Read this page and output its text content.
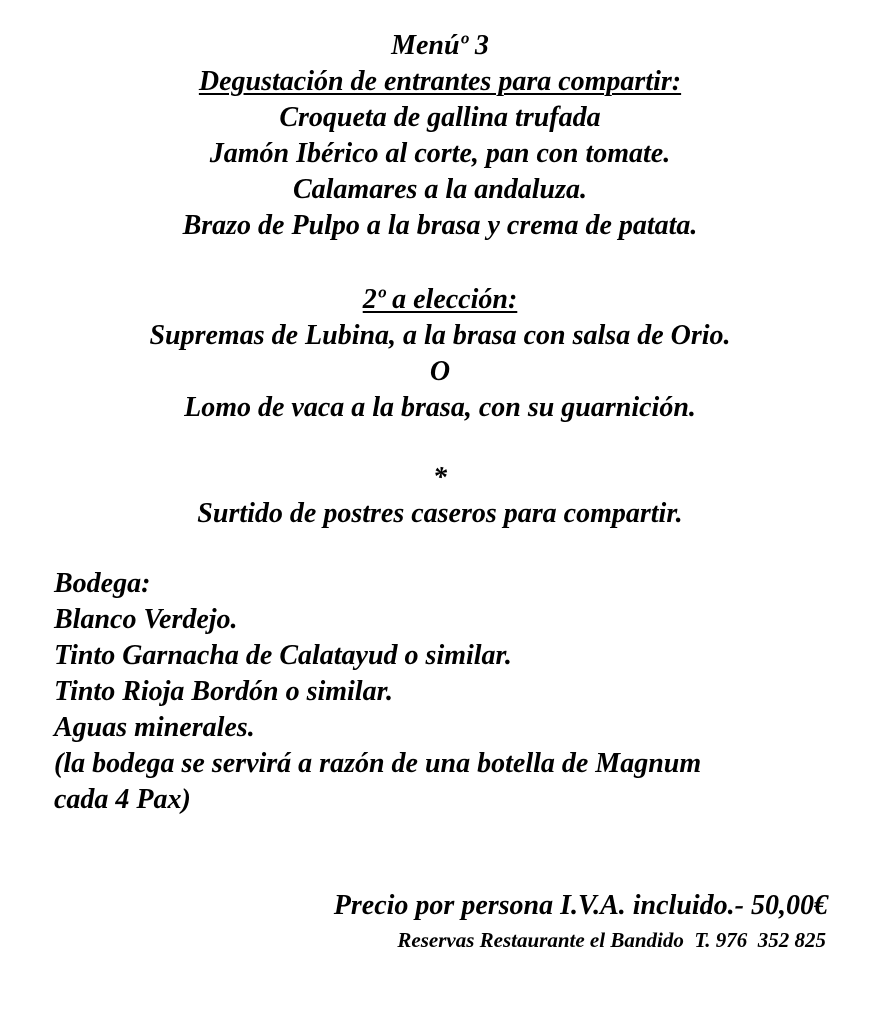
Menúº 3
Degustación de entrantes para compartir:
Croqueta de gallina trufada
Jamón Ibérico al corte, pan con tomate.
Calamares a la andaluza.
Brazo de Pulpo a la brasa y crema de patata.
2º a elección:
Supremas de Lubina, a la brasa con salsa de Orio.
O
Lomo de vaca a la brasa, con su guarnición.
*
Surtido de postres caseros para compartir.
Bodega:
Blanco Verdejo.
Tinto Garnacha de Calatayud o similar.
Tinto Rioja Bordón o similar.
Aguas minerales.
(la bodega se servirá a razón de una botella de Magnum
cada 4 Pax)
Precio por persona I.V.A. incluido.- 50,00€
Reservas Restaurante el Bandido  T. 976  352 825
